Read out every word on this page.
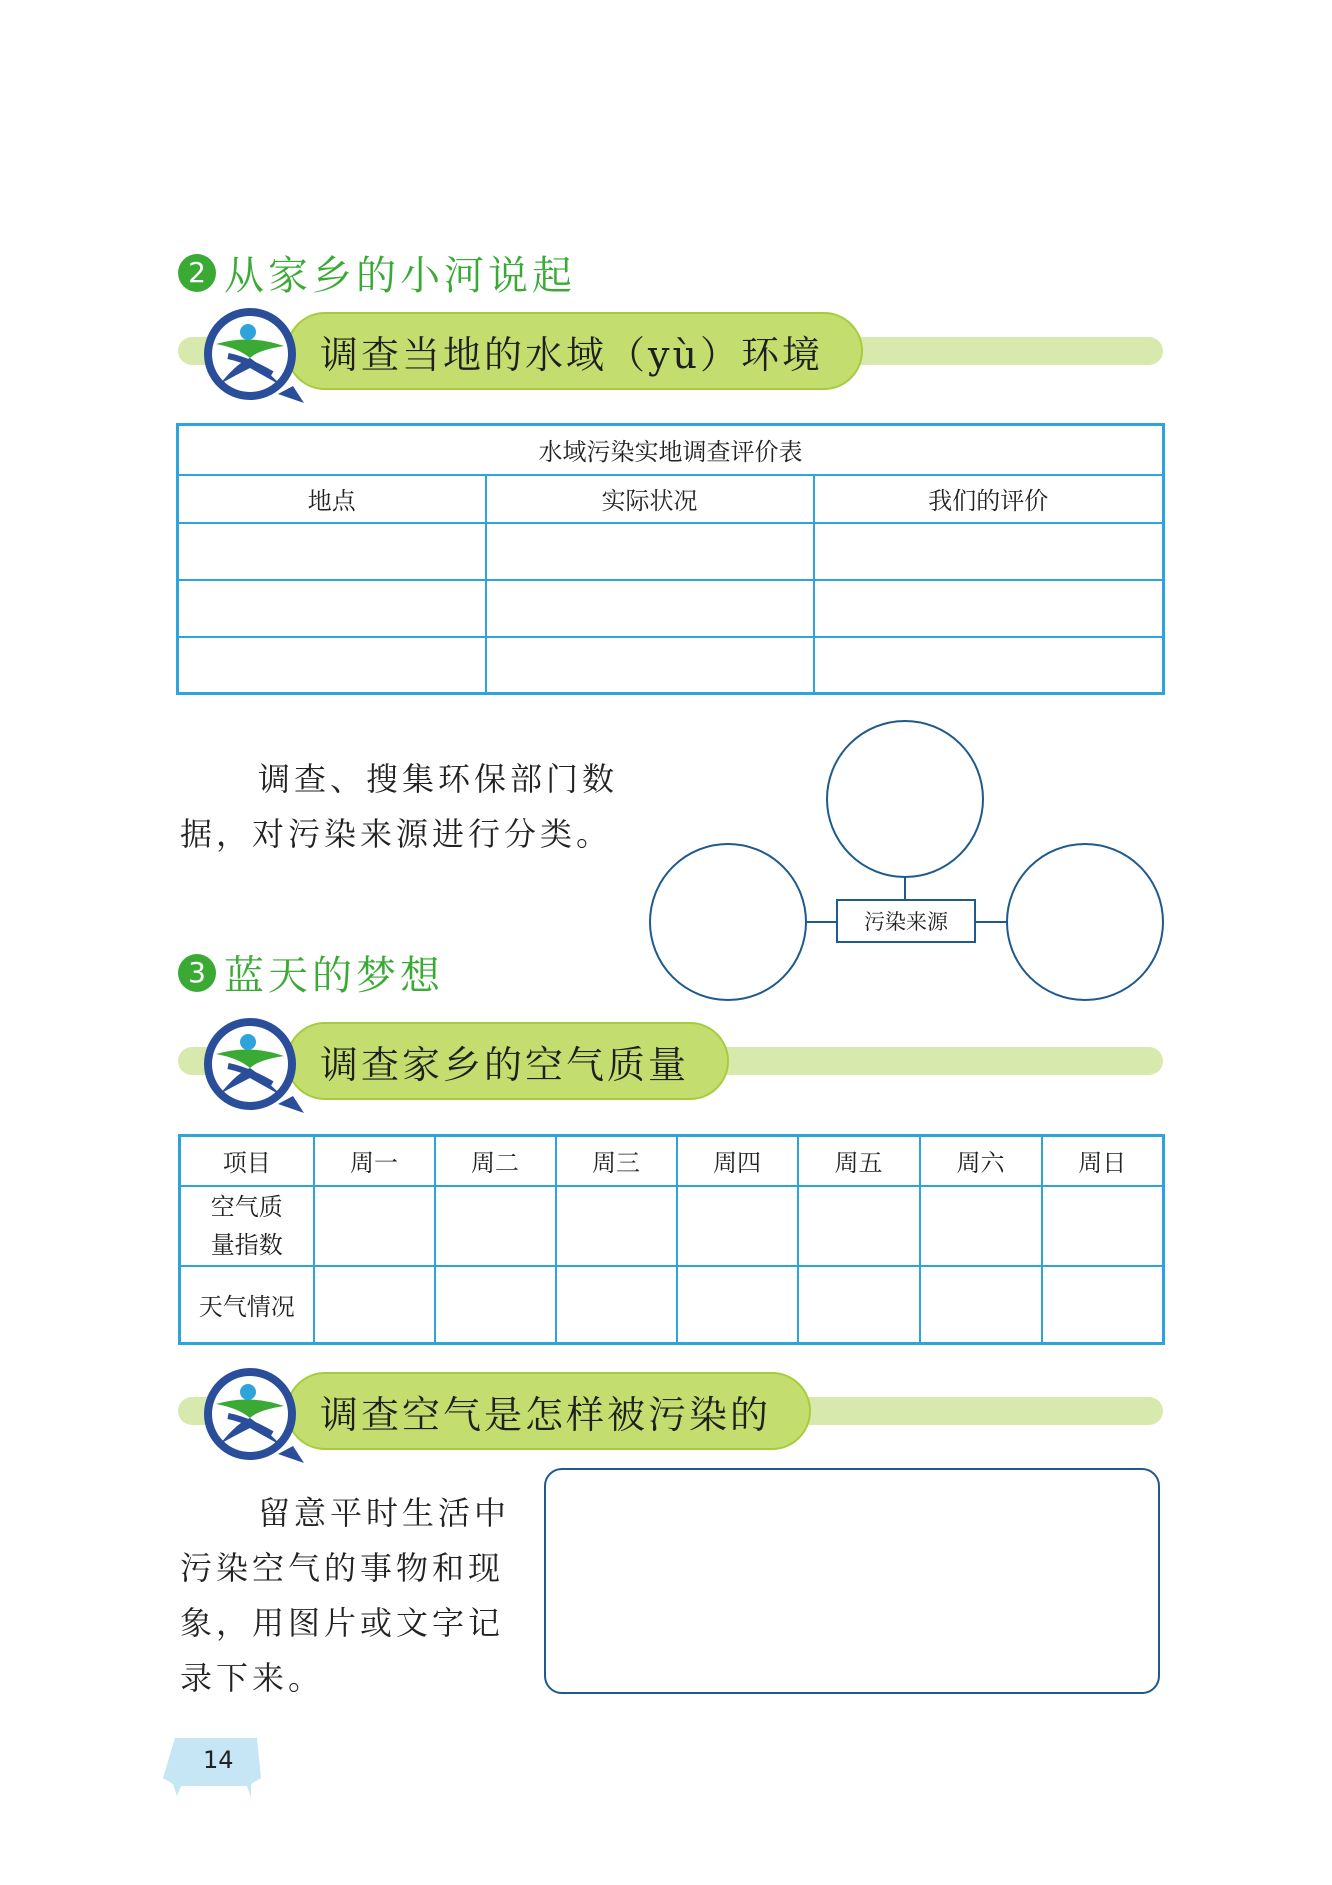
2 从家乡的小河说起
调查当地的水域（yù）环境
水域污染实地调查评价表		
地点	实际状况	我们的评价

调查、搜集环保部门数据，对污染来源进行分类。
污染来源
3 蓝天的梦想
调查家乡的空气质量
项目	周一	周二	周三	周四	周五	周六	周日
空气质量指数							
天气情况							
调查空气是怎样被污染的
留意平时生活中污染空气的事物和现象，用图片或文字记录下来。
14
